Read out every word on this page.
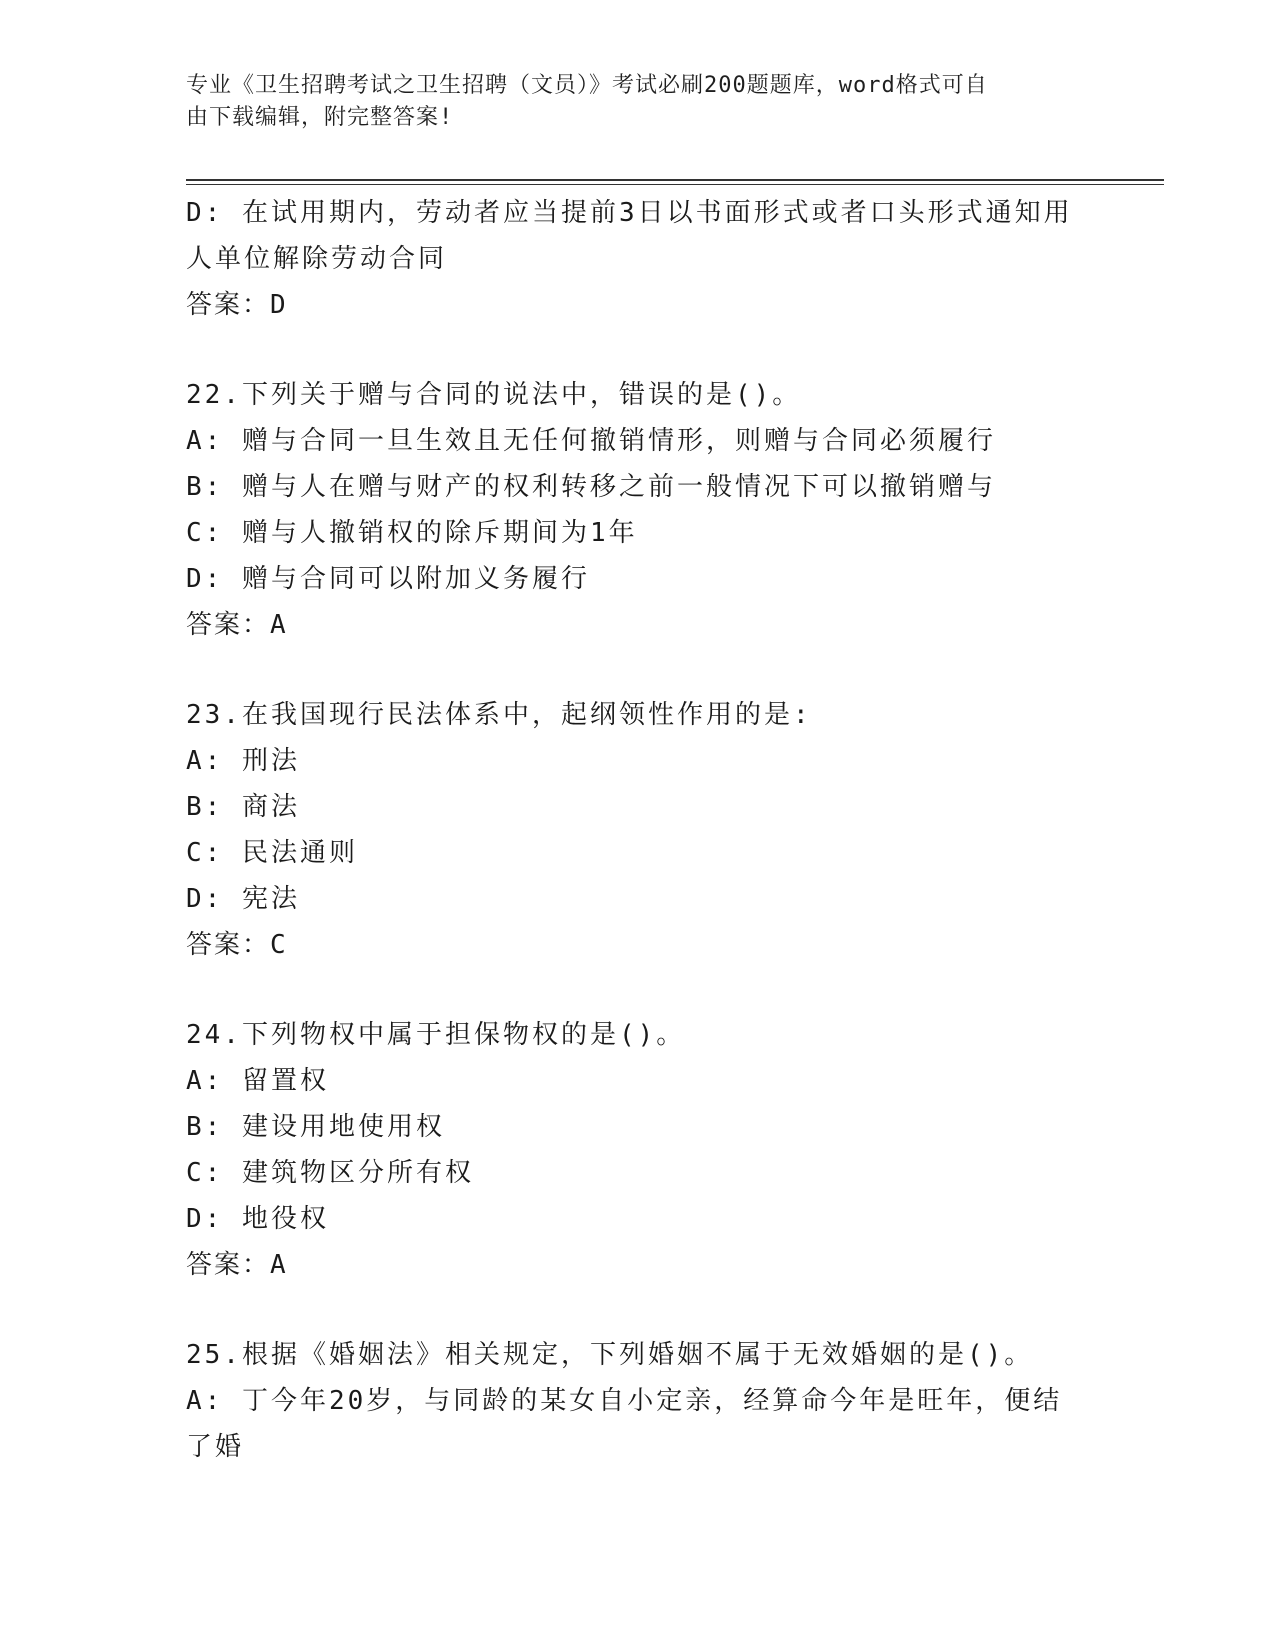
专业《卫生招聘考试之卫生招聘（文员）》考试必刷200题题库，word格式可自
由下载编辑，附完整答案!
D: 在试用期内，劳动者应当提前3日以书面形式或者口头形式通知用
人单位解除劳动合同
答案：D
22.下列关于赠与合同的说法中，错误的是()。
A: 赠与合同一旦生效且无任何撤销情形，则赠与合同必须履行
B: 赠与人在赠与财产的权利转移之前一般情况下可以撤销赠与
C: 赠与人撤销权的除斥期间为1年
D: 赠与合同可以附加义务履行
答案：A
23.在我国现行民法体系中，起纲领性作用的是:
A: 刑法
B: 商法
C: 民法通则
D: 宪法
答案：C
24.下列物权中属于担保物权的是()。
A: 留置权
B: 建设用地使用权
C: 建筑物区分所有权
D: 地役权
答案：A
25.根据《婚姻法》相关规定，下列婚姻不属于无效婚姻的是()。
A: 丁今年20岁，与同龄的某女自小定亲，经算命今年是旺年，便结
了婚
